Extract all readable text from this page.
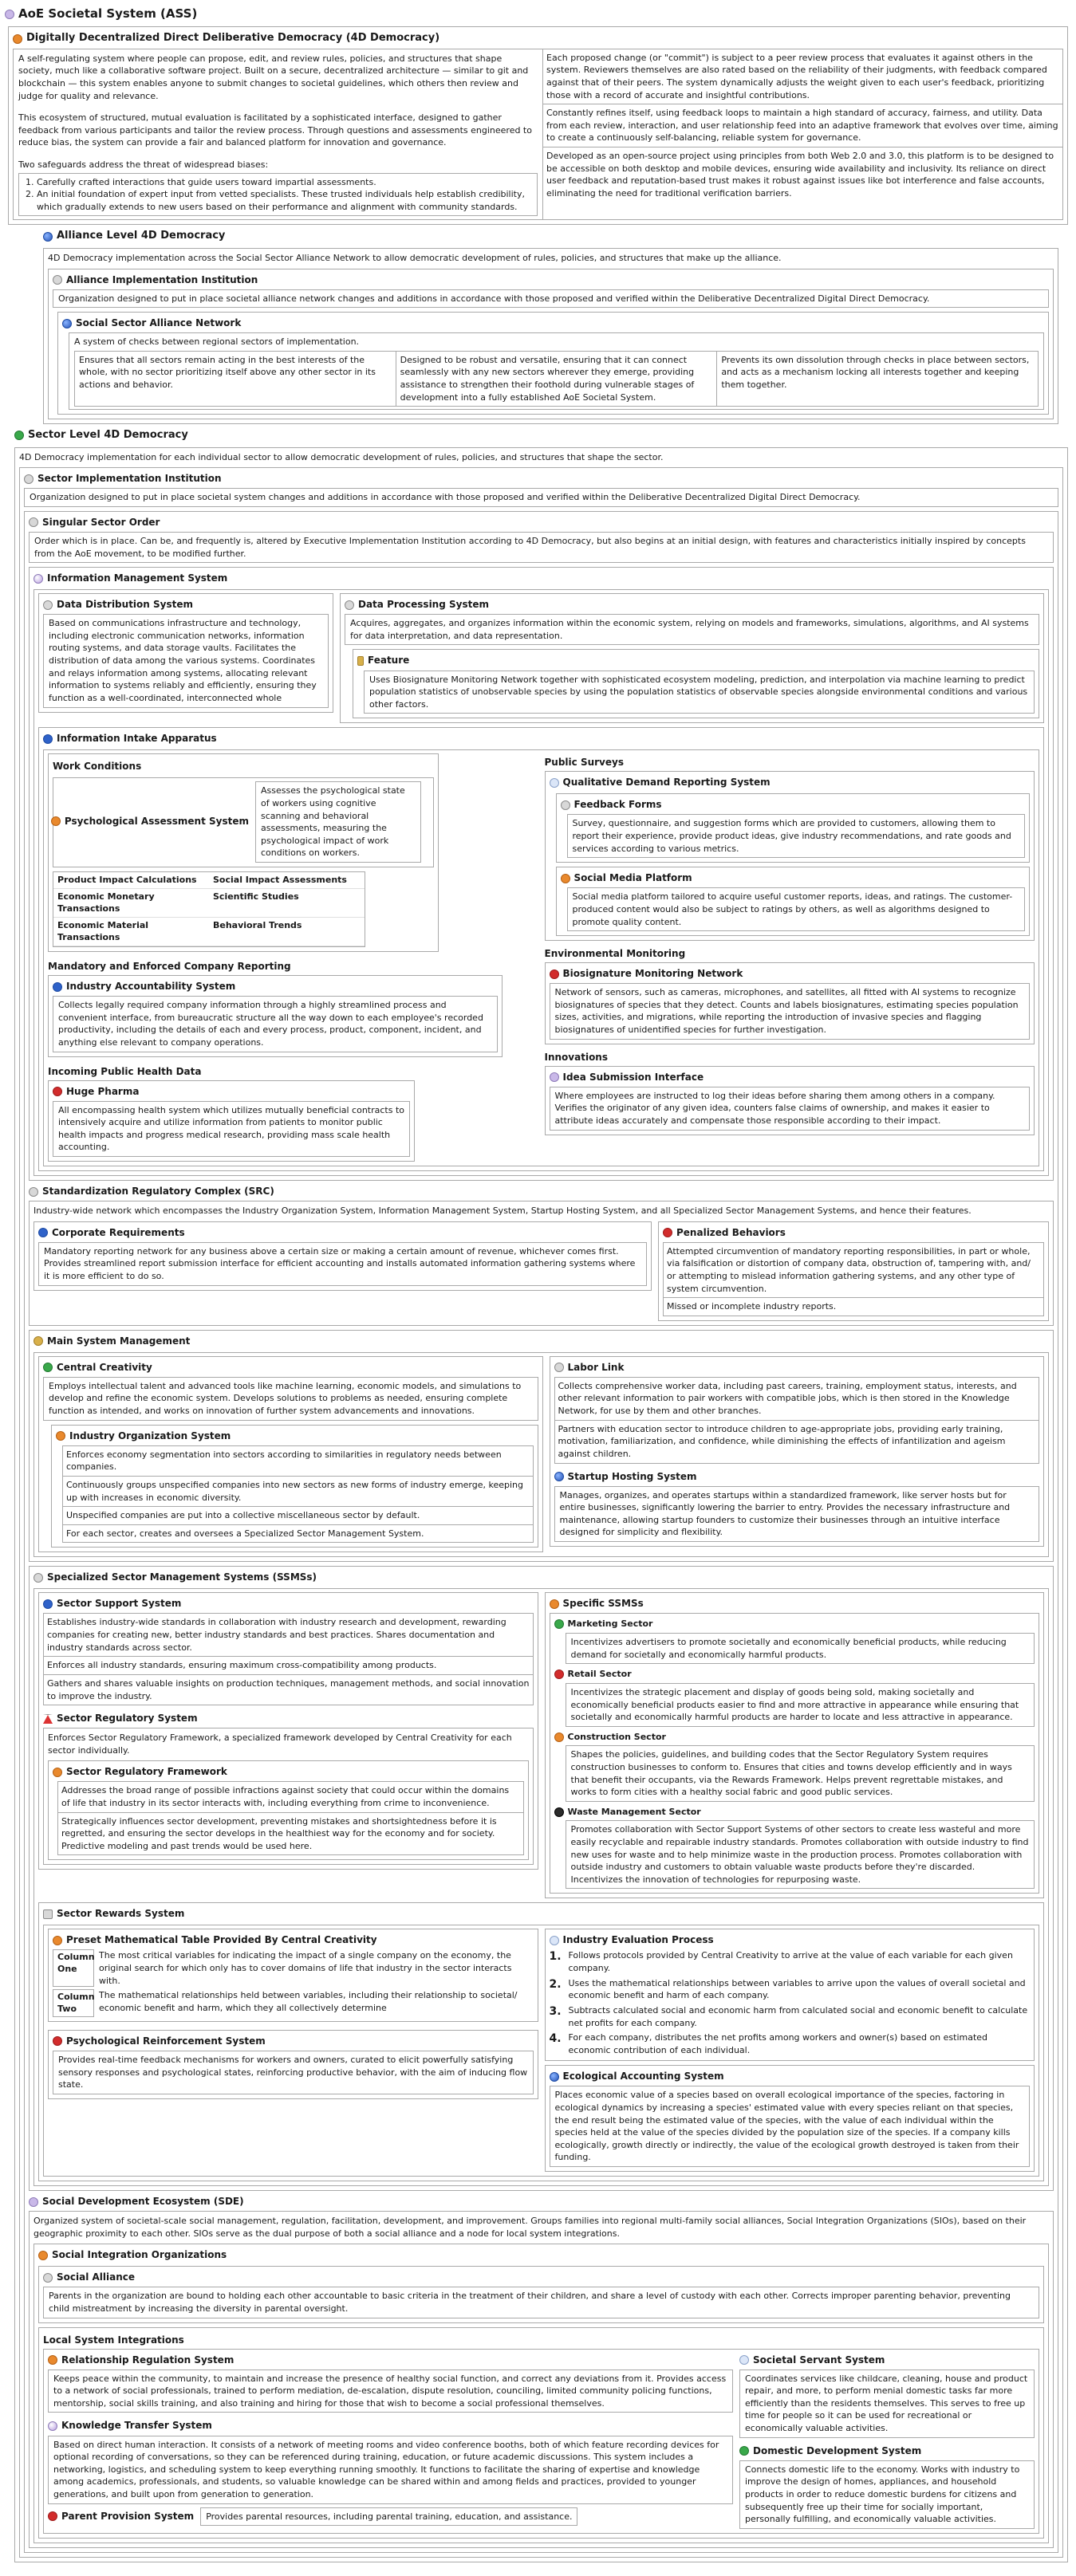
AoE Societal System (ASS)
Digitally Decentralized Direct Deliberative Democracy (4D Democracy)

A self-regulating system where people can propose, edit, and review rules, policies, and structures that shape society, much like a collaborative software project. Built on a secure, decentralized architecture — similar to git and blockchain — this system enables anyone to submit changes to societal guidelines, which others then review and judge for quality and relevance.

This ecosystem of structured, mutual evaluation is facilitated by a sophisticated interface, designed to gather feedback from various participants and tailor the review process. Through questions and assessments engineered to reduce bias, the system can provide a fair and balanced platform for innovation and governance.

Two safeguards address the threat of widespread biases:

1. Carefully crafted interactions that guide users toward impartial assessments.
2. An initial foundation of expert input from vetted specialists. These trusted individuals help establish credibility, which gradually extends to new users based on their performance and alignment with community standards.
Each proposed change (or "commit") is subject to a peer review process that evaluates it against others in the system. Reviewers themselves are also rated based on the reliability of their judgments, with feedback compared against that of their peers. The system dynamically adjusts the weight given to each user's feedback, prioritizing those with a record of accurate and insightful contributions.
Constantly refines itself, using feedback loops to maintain a high standard of accuracy, fairness, and utility. Data from each review, interaction, and user relationship feed into an adaptive framework that evolves over time, aiming to create a continuously self-balancing, reliable system for governance.
Developed as an open-source project using principles from both Web 2.0 and 3.0, this platform is to be designed to be accessible on both desktop and mobile devices, ensuring wide availability and inclusivity. Its reliance on direct user feedback and reputation-based trust makes it robust against issues like bot interference and false accounts, eliminating the need for traditional verification barriers.
Alliance Level 4D Democracy
4D Democracy implementation across the Social Sector Alliance Network to allow democratic development of rules, policies, and structures that make up the alliance.
Alliance Implementation Institution
Organization designed to put in place societal alliance network changes and additions in accordance with those proposed and verified within the Deliberative Decentralized Digital Direct Democracy.
Social Sector Alliance Network
A system of checks between regional sectors of implementation.
Ensures that all sectors remain acting in the best interests of the whole, with no sector prioritizing itself above any other sector in its actions and behavior.
Designed to be robust and versatile, ensuring that it can connect seamlessly with any new sectors wherever they emerge, providing assistance to strengthen their foothold during vulnerable stages of development into a fully established AoE Societal System.
Prevents its own dissolution through checks in place between sectors, and acts as a mechanism locking all interests together and keeping them together.
Sector Level 4D Democracy
4D Democracy implementation for each individual sector to allow democratic development of rules, policies, and structures that shape the sector.
Sector Implementation Institution
Organization designed to put in place societal system changes and additions in accordance with those proposed and verified within the Deliberative Decentralized Digital Direct Democracy.
Singular Sector Order
Order which is in place. Can be, and frequently is, altered by Executive Implementation Institution according to 4D Democracy, but also begins at an initial design, with features and characteristics initially inspired by concepts from the AoE movement, to be modified further.
Information Management System
Data Distribution System
Based on communications infrastructure and technology, including electronic communication networks, information routing systems, and data storage vaults. Facilitates the distribution of data among the various systems. Coordinates and relays information among systems, allocating relevant information to systems reliably and efficiently, ensuring they function as a well-coordinated, interconnected whole
Data Processing System
Acquires, aggregates, and organizes information within the economic system, relying on models and frameworks, simulations, algorithms, and AI systems for data interpretation, and data representation.
Feature
Uses Biosignature Monitoring Network together with sophisticated ecosystem modeling, prediction, and interpolation via machine learning to predict population statistics of unobservable species by using the population statistics of observable species alongside environmental conditions and various other factors.
Information Intake Apparatus
Work Conditions
Psychological Assessment System
Assesses the psychological state of workers using cognitive scanning and behavioral assessments, measuring the psychological impact of work conditions on workers.
Product Impact Calculations	Social Impact Assessments
Economic Monetary Transactions
Scientific Studies
Economic Material Transactions
Behavioral Trends
Mandatory and Enforced Company Reporting
Industry Accountability System
Collects legally required company information through a highly streamlined process and convenient interface, from bureaucratic structure all the way down to each employee's recorded productivity, including the details of each and every process, product, component, incident, and anything else relevant to company operations.
Incoming Public Health Data
Huge Pharma
All encompassing health system which utilizes mutually beneficial contracts to intensively acquire and utilize information from patients to monitor public health impacts and progress medical research, providing mass scale health accounting.
Public Surveys
Qualitative Demand Reporting System
Feedback Forms
Survey, questionnaire, and suggestion forms which are provided to customers, allowing them to report their experience, provide product ideas, give industry recommendations, and rate goods and services according to various metrics.
Social Media Platform
Social media platform tailored to acquire useful customer reports, ideas, and ratings. The customer-produced content would also be subject to ratings by others, as well as algorithms designed to promote quality content.
Environmental Monitoring
Biosignature Monitoring Network
Network of sensors, such as cameras, microphones, and satellites, all fitted with AI systems to recognize biosignatures of species that they detect. Counts and labels biosignatures, estimating species population sizes, activities, and migrations, while reporting the introduction of invasive species and flagging biosignatures of unidentified species for further investigation.
Innovations
Idea Submission Interface
Where employees are instructed to log their ideas before sharing them among others in a company. Verifies the originator of any given idea, counters false claims of ownership, and makes it easier to attribute ideas accurately and compensate those responsible according to their impact.
Standardization Regulatory Complex (SRC)
Industry-wide network which encompasses the Industry Organization System, Information Management System, Startup Hosting System, and all Specialized Sector Management Systems, and hence their features.
Corporate Requirements
Mandatory reporting network for any business above a certain size or making a certain amount of revenue, whichever comes first. Provides streamlined report submission interface for efficient accounting and installs automated information gathering systems where it is more efficient to do so.
Penalized Behaviors
Attempted circumvention of mandatory reporting responsibilities, in part or whole, via falsification or distortion of company data, obstruction of, tampering with, and/ or attempting to mislead information gathering systems, and any other type of system circumvention.
Missed or incomplete industry reports.
Main System Management
Central Creativity
Employs intellectual talent and advanced tools like machine learning, economic models, and simulations to develop and refine the economic system. Develops solutions to problems as needed, ensuring complete function as intended, and works on innovation of further system advancements and innovations.
Industry Organization System
Enforces economy segmentation into sectors according to similarities in regulatory needs between companies.
Continuously groups unspecified companies into new sectors as new forms of industry emerge, keeping up with increases in economic diversity.
Unspecified companies are put into a collective miscellaneous sector by default.
For each sector, creates and oversees a Specialized Sector Management System.
Labor Link
Collects comprehensive worker data, including past careers, training, employment status, interests, and other relevant information to pair workers with compatible jobs, which is then stored in the Knowledge Network, for use by them and other branches.
Partners with education sector to introduce children to age-appropriate jobs, providing early training, motivation, familiarization, and confidence, while diminishing the effects of infantilization and ageism against children.
Startup Hosting System
Manages, organizes, and operates startups within a standardized framework, like server hosts but for entire businesses, significantly lowering the barrier to entry. Provides the necessary infrastructure and maintenance, allowing startup founders to customize their businesses through an intuitive interface designed for simplicity and flexibility.
Specialized Sector Management Systems (SSMSs)
Sector Support System
Establishes industry-wide standards in collaboration with industry research and development, rewarding companies for creating new, better industry standards and best practices. Shares documentation and industry standards across sector.
Enforces all industry standards, ensuring maximum cross-compatibility among products.
Gathers and shares valuable insights on production techniques, management methods, and social innovation to improve the industry.
Sector Regulatory System
Enforces Sector Regulatory Framework, a specialized framework developed by Central Creativity for each sector individually.
Sector Regulatory Framework
Addresses the broad range of possible infractions against society that could occur within the domains of life that industry in its sector interacts with, including everything from crime to inconvenience.
Strategically influences sector development, preventing mistakes and shortsightedness before it is regretted, and ensuring the sector develops in the healthiest way for the economy and for society. Predictive modeling and past trends would be used here.
Specific SSMSs
Marketing Sector
Incentivizes advertisers to promote societally and economically beneficial products, while reducing demand for societally and economically harmful products.
Retail Sector
Incentivizes the strategic placement and display of goods being sold, making societally and economically beneficial products easier to find and more attractive in appearance while ensuring that societally and economically harmful products are harder to locate and less attractive in appearance.
Construction Sector
Shapes the policies, guidelines, and building codes that the Sector Regulatory System requires construction businesses to conform to. Ensures that cities and towns develop efficiently and in ways that benefit their occupants, via the Rewards Framework. Helps prevent regrettable mistakes, and works to form cities with a healthy social fabric and good public services.
Waste Management Sector
Promotes collaboration with Sector Support Systems of other sectors to create less wasteful and more easily recyclable and repairable industry standards. Promotes collaboration with outside industry to find new uses for waste and to help minimize waste in the production process. Promotes collaboration with outside industry and customers to obtain valuable waste products before they're discarded. Incentivizes the innovation of technologies for repurposing waste.
Sector Rewards System
Preset Mathematical Table Provided By Central Creativity
Column One
The most critical variables for indicating the impact of a single company on the economy, the original search for which only has to cover domains of life that industry in the sector interacts with.
Column Two
The mathematical relationships held between variables, including their relationship to societal/ economic benefit and harm, which they all collectively determine
Psychological Reinforcement System
Provides real-time feedback mechanisms for workers and owners, curated to elicit powerfully satisfying sensory responses and psychological states, reinforcing productive behavior, with the aim of inducing flow state.
Industry Evaluation Process
1. Follows protocols provided by Central Creativity to arrive at the value of each variable for each given company.
2. Uses the mathematical relationships between variables to arrive upon the values of overall societal and economic benefit and harm of each company.
3. Subtracts calculated social and economic harm from calculated social and economic benefit to calculate net profits for each company.
4. For each company, distributes the net profits among workers and owner(s) based on estimated economic contribution of each individual.
Ecological Accounting System
Places economic value of a species based on overall ecological importance of the species, factoring in ecological dynamics by increasing a species' estimated value with every species reliant on that species, the end result being the estimated value of the species, with the value of each individual within the species held at the value of the species divided by the population size of the species. If a company kills ecologically, growth directly or indirectly, the value of the ecological growth destroyed is taken from their funding.
Social Development Ecosystem (SDE)
Organized system of societal-scale social management, regulation, facilitation, development, and improvement. Groups families into regional multi-family social alliances, Social Integration Organizations (SIOs), based on their geographic proximity to each other. SIOs serve as the dual purpose of both a social alliance and a node for local system integrations.
Social Integration Organizations
Social Alliance
Parents in the organization are bound to holding each other accountable to basic criteria in the treatment of their children, and share a level of custody with each other. Corrects improper parenting behavior, preventing child mistreatment by increasing the diversity in parental oversight.
Local System Integrations
Relationship Regulation System
Keeps peace within the community, to maintain and increase the presence of healthy social function, and correct any deviations from it. Provides access to a network of social professionals, trained to perform mediation, de-escalation, dispute resolution, counciling, limited community policing functions, mentorship, social skills training, and also training and hiring for those that wish to become a social professional themselves.
Knowledge Transfer System
Based on direct human interaction. It consists of a network of meeting rooms and video conference booths, both of which feature recording devices for optional recording of conversations, so they can be referenced during training, education, or future academic discussions. This system includes a networking, logistics, and scheduling system to keep everything running smoothly. It functions to facilitate the sharing of expertise and knowledge among academics, professionals, and students, so valuable knowledge can be shared within and among fields and practices, provided to younger generations, and built upon from generation to generation.
Parent Provision System	Provides parental resources, including parental training, education, and assistance.
Societal Servant System
Coordinates services like childcare, cleaning, house and product repair, and more, to perform menial domestic tasks far more efficiently than the residents themselves. This serves to free up time for people so it can be used for recreational or economically valuable activities.
Domestic Development System
Connects domestic life to the economy. Works with industry to improve the design of homes, appliances, and household products in order to reduce domestic burdens for citizens and subsequently free up their time for socially important, personally fulfilling, and economically valuable activities.
